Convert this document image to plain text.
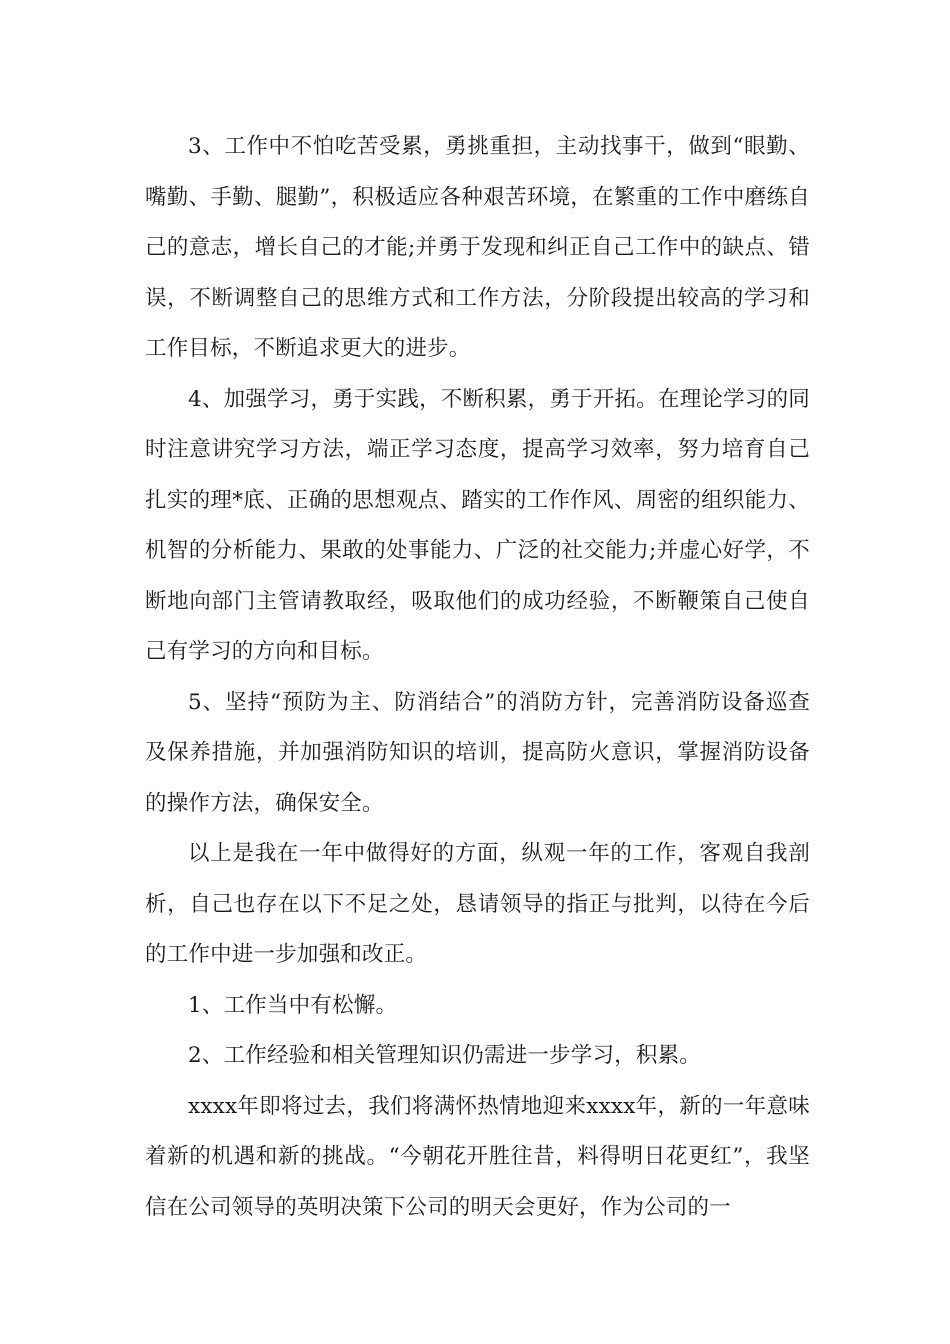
3、工作中不怕吃苦受累，勇挑重担，主动找事干，做到“眼勤、嘴勤、手勤、腿勤”，积极适应各种艰苦环境，在繁重的工作中磨练自己的意志，增长自己的才能;并勇于发现和纠正自己工作中的缺点、错误，不断调整自己的思维方式和工作方法，分阶段提出较高的学习和工作目标，不断追求更大的进步。

4、加强学习，勇于实践，不断积累，勇于开拓。在理论学习的同时注意讲究学习方法，端正学习态度，提高学习效率，努力培育自己扎实的理*底、正确的思想观点、踏实的工作作风、周密的组织能力、机智的分析能力、果敢的处事能力、广泛的社交能力;并虚心好学，不断地向部门主管请教取经，吸取他们的成功经验，不断鞭策自己使自己有学习的方向和目标。

5、坚持“预防为主、防消结合”的消防方针，完善消防设备巡查及保养措施，并加强消防知识的培训，提高防火意识，掌握消防设备的操作方法，确保安全。

以上是我在一年中做得好的方面，纵观一年的工作，客观自我剖析，自己也存在以下不足之处，恳请领导的指正与批判，以待在今后的工作中进一步加强和改正。

1、工作当中有松懈。

2、工作经验和相关管理知识仍需进一步学习，积累。

xxxx年即将过去，我们将满怀热情地迎来xxxx年，新的一年意味着新的机遇和新的挑战。“今朝花开胜往昔，料得明日花更红”，我坚信在公司领导的英明决策下公司的明天会更好，作为公司的一
